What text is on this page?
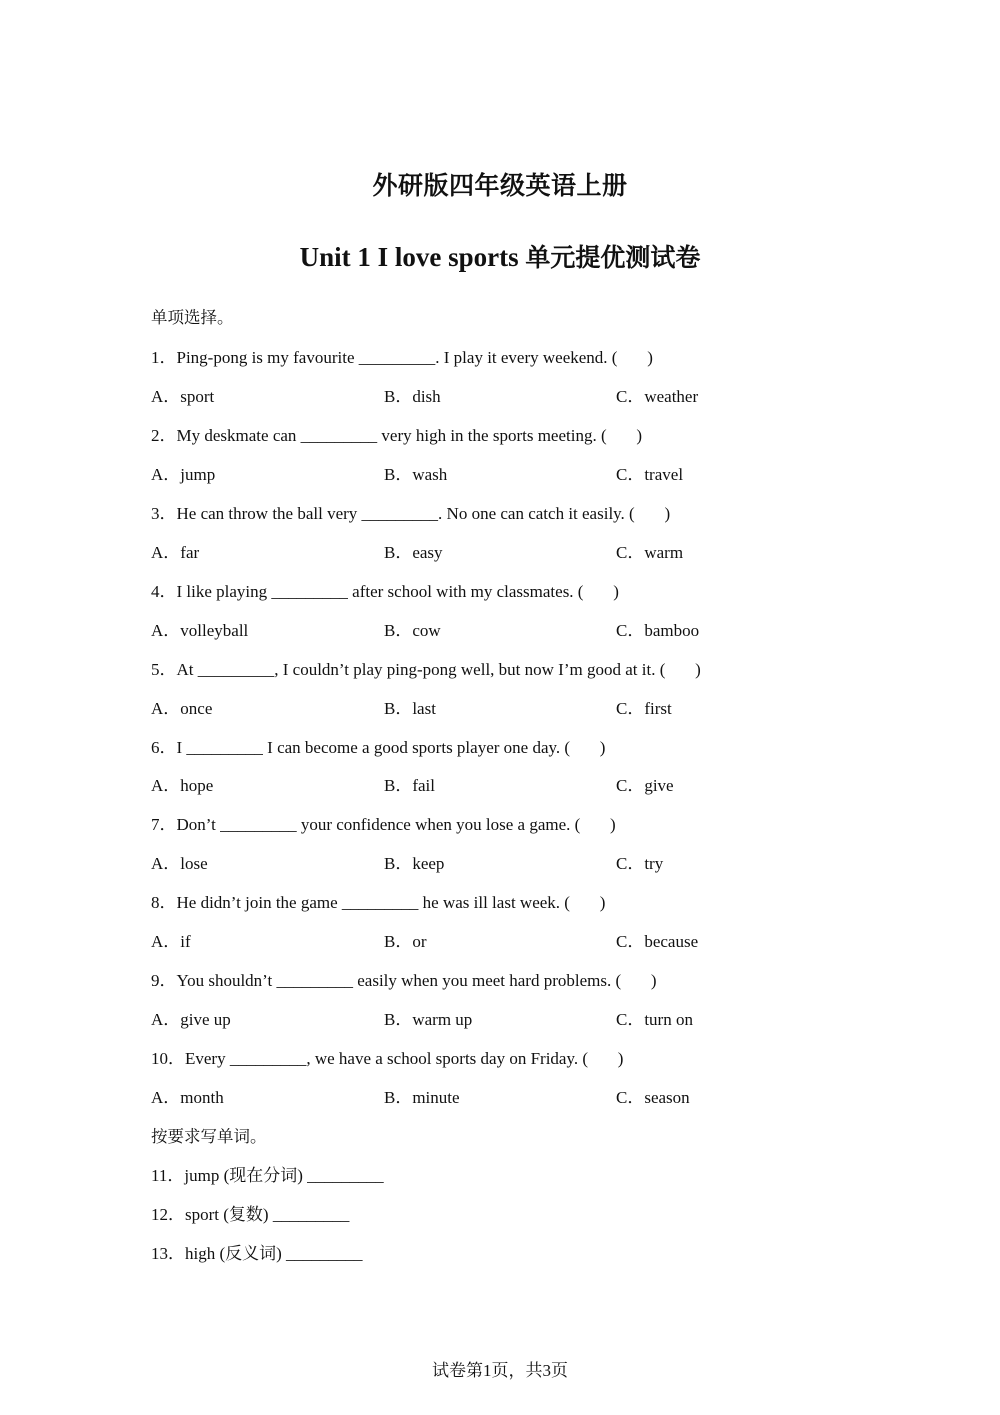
外研版四年级英语上册
Unit 1 I love sports 单元提优测试卷
单项选择。
1．Ping-pong is my favourite _________. I play it every weekend. (       )
A．sport	B．dish	C．weather
2．My deskmate can _________ very high in the sports meeting. (       )
A．jump	B．wash	C．travel
3．He can throw the ball very _________. No one can catch it easily. (       )
A．far	B．easy	C．warm
4．I like playing _________ after school with my classmates. (       )
A．volleyball	B．cow	C．bamboo
5．At _________, I couldn’t play ping-pong well, but now I’m good at it. (       )
A．once	B．last	C．first
6．I _________ I can become a good sports player one day. (       )
A．hope	B．fail	C．give
7．Don’t _________ your confidence when you lose a game. (       )
A．lose	B．keep	C．try
8．He didn’t join the game _________ he was ill last week. (       )
A．if	B．or	C．because
9．You shouldn’t _________ easily when you meet hard problems. (       )
A．give up	B．warm up	C．turn on
10．Every _________, we have a school sports day on Friday. (       )
A．month	B．minute	C．season
按要求写单词。
11．jump (现在分词) _________
12．sport (复数) _________
13．high (反义词) _________
试卷第1页，共3页
